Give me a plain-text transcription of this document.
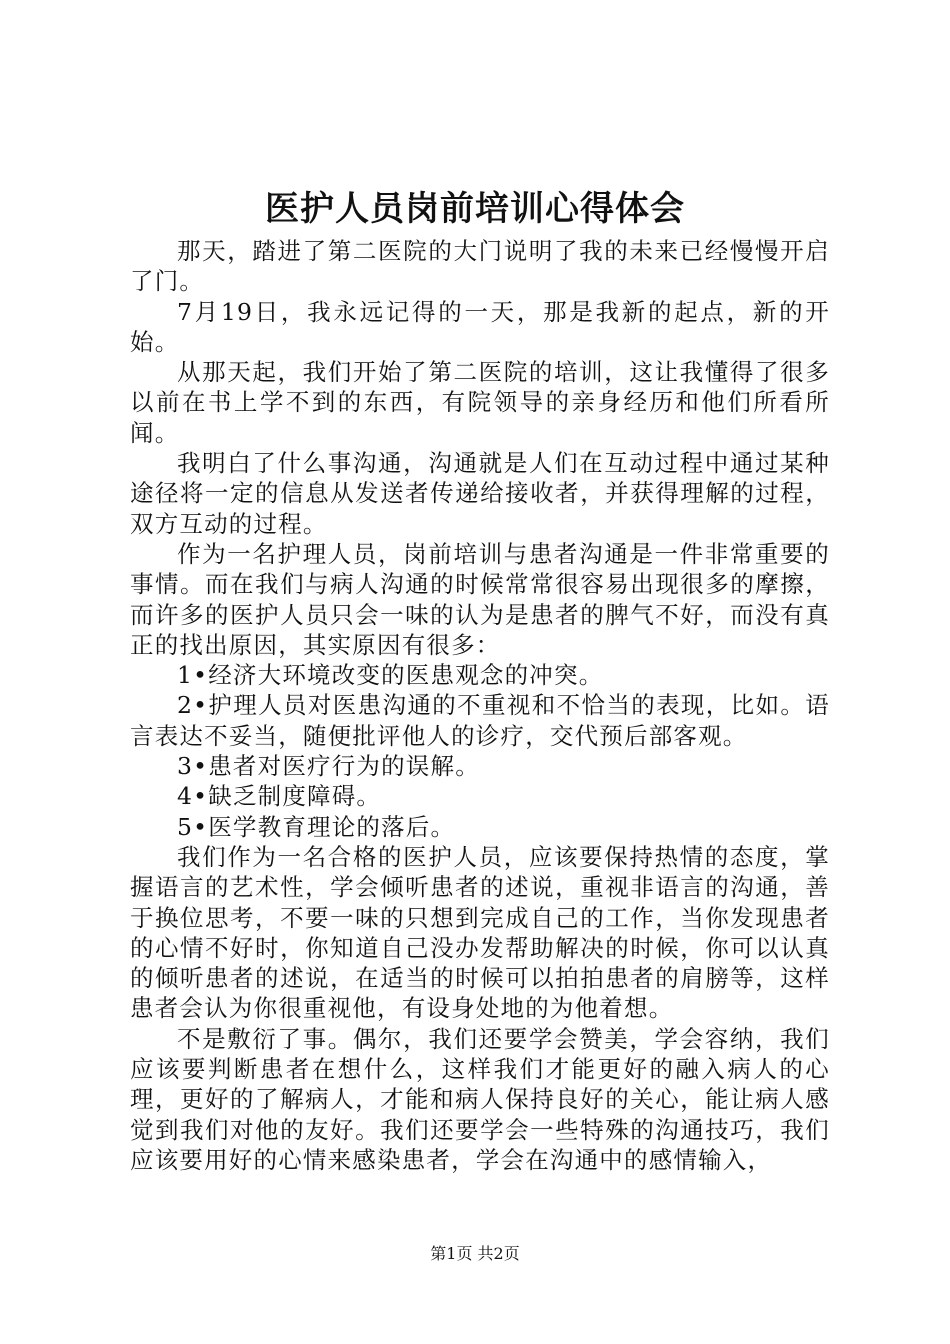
医护人员岗前培训心得体会

那天，踏进了第二医院的大门说明了我的未来已经慢慢开启了门。

7月19日，我永远记得的一天，那是我新的起点，新的开始。

从那天起，我们开始了第二医院的培训，这让我懂得了很多以前在书上学不到的东西，有院领导的亲身经历和他们所看所闻。

我明白了什么事沟通，沟通就是人们在互动过程中通过某种途径将一定的信息从发送者传递给接收者，并获得理解的过程，双方互动的过程。

作为一名护理人员，岗前培训与患者沟通是一件非常重要的事情。而在我们与病人沟通的时候常常很容易出现很多的摩擦，而许多的医护人员只会一味的认为是患者的脾气不好，而没有真正的找出原因，其实原因有很多：

1•经济大环境改变的医患观念的冲突。

2•护理人员对医患沟通的不重视和不恰当的表现，比如。语言表达不妥当，随便批评他人的诊疗，交代预后部客观。

3•患者对医疗行为的误解。

4•缺乏制度障碍。

5•医学教育理论的落后。

我们作为一名合格的医护人员，应该要保持热情的态度，掌握语言的艺术性，学会倾听患者的述说，重视非语言的沟通，善于换位思考，不要一味的只想到完成自己的工作，当你发现患者的心情不好时，你知道自己没办发帮助解决的时候，你可以认真的倾听患者的述说，在适当的时候可以拍拍患者的肩膀等，这样患者会认为你很重视他，有设身处地的为他着想。

不是敷衍了事。偶尔，我们还要学会赞美，学会容纳，我们应该要判断患者在想什么，这样我们才能更好的融入病人的心理，更好的了解病人，才能和病人保持良好的关心，能让病人感觉到我们对他的友好。我们还要学会一些特殊的沟通技巧，我们应该要用好的心情来感染患者，学会在沟通中的感情输入，

第1页 共2页
